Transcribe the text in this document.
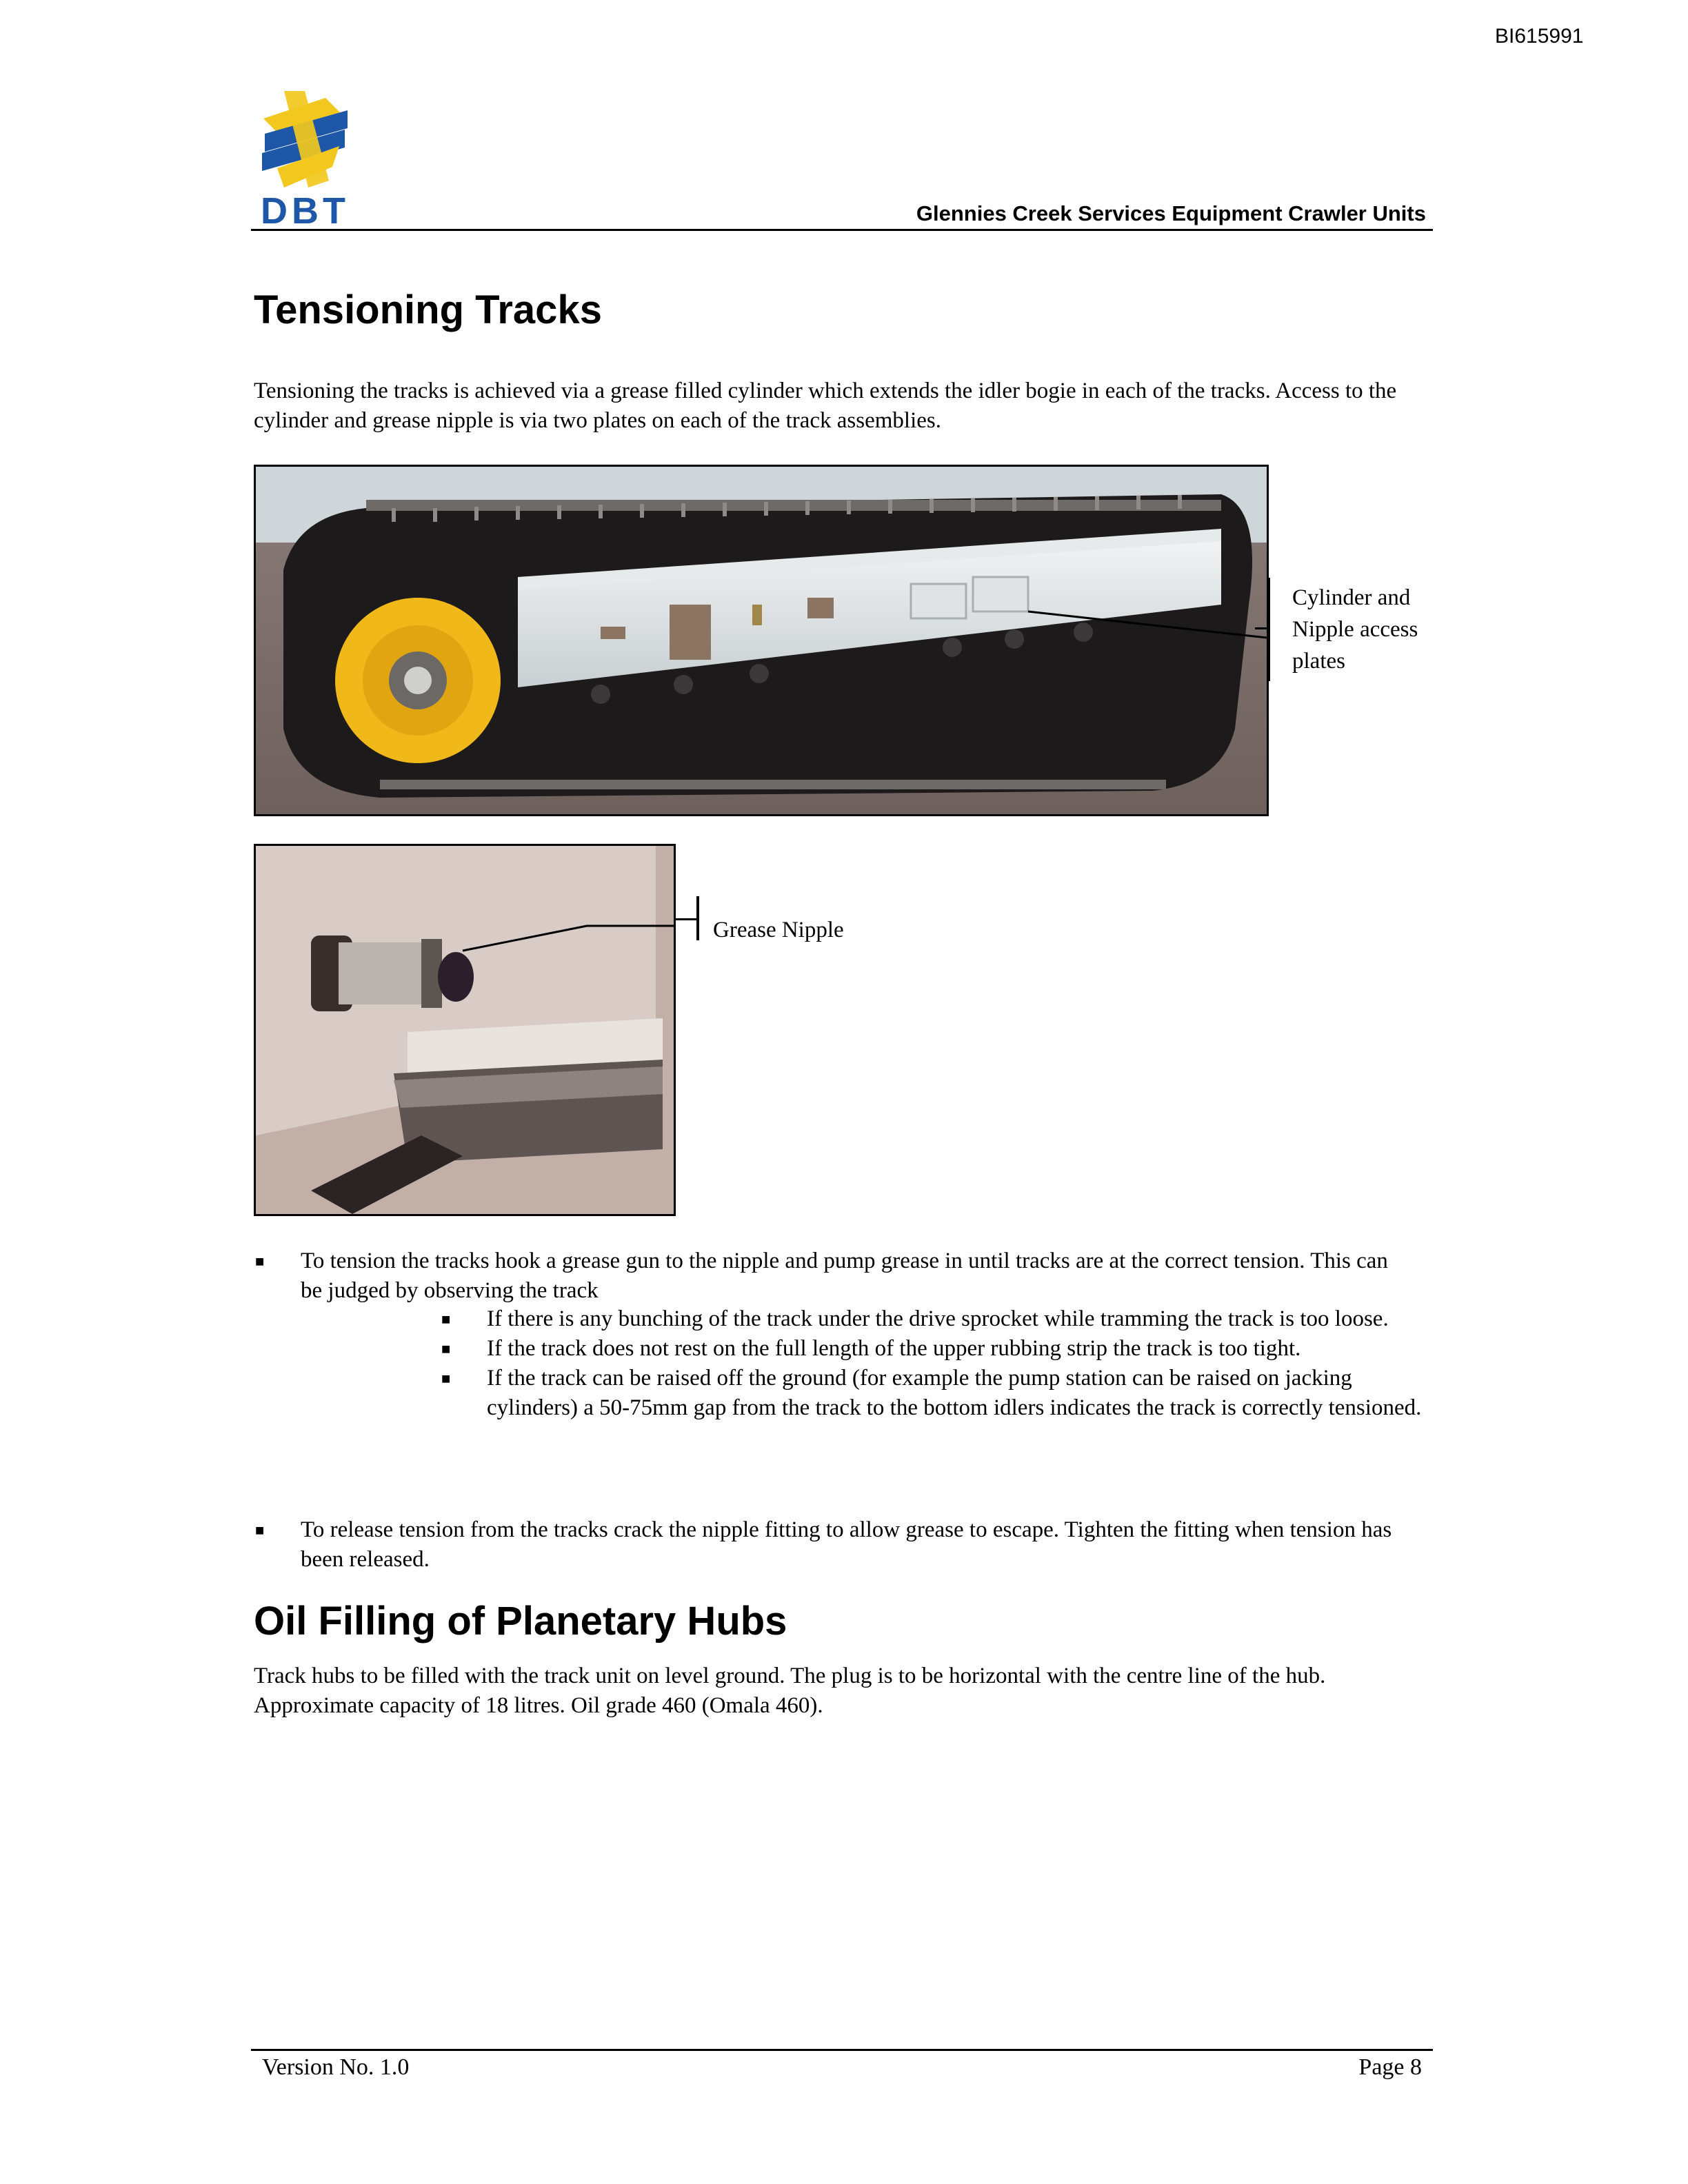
BI615991
DBT	Glennies Creek Services Equipment Crawler Units
Tensioning Tracks

Tensioning the tracks is achieved via a grease filled cylinder which extends the idler bogie in each of the tracks. Access to the cylinder and grease nipple is via two plates on each of the track assemblies.

Cylinder and Nipple access plates
Grease Nipple
■ To tension the tracks hook a grease gun to the nipple and pump grease in until tracks are at the correct tension. This can be judged by observing the track
■ If there is any bunching of the track under the drive sprocket while tramming the track is too loose.
■ If the track does not rest on the full length of the upper rubbing strip the track is too tight.
■ If the track can be raised off the ground (for example the pump station can be raised on jacking cylinders) a 50-75mm gap from the track to the bottom idlers indicates the track is correctly tensioned.
■ To release tension from the tracks crack the nipple fitting to allow grease to escape. Tighten the fitting when tension has been released.
Oil Filling of Planetary Hubs

Track hubs to be filled with the track unit on level ground. The plug is to be horizontal with the centre line of the hub. Approximate capacity of 18 litres. Oil grade 460 (Omala 460).

Version No. 1.0	Page 8
